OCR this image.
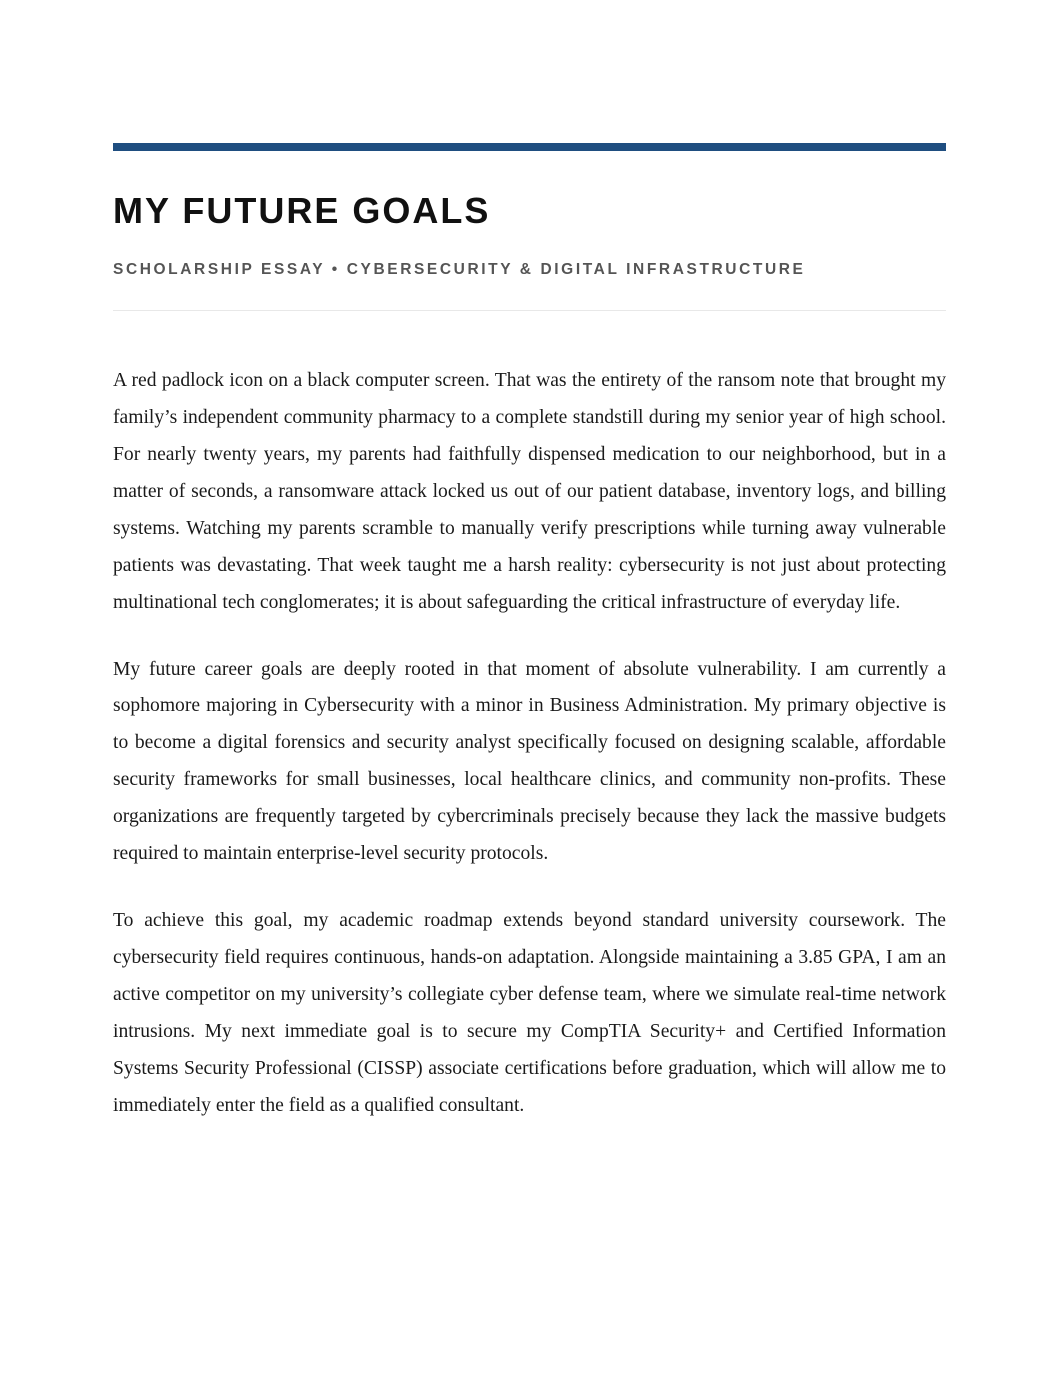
MY FUTURE GOALS
SCHOLARSHIP ESSAY • CYBERSECURITY & DIGITAL INFRASTRUCTURE

A red padlock icon on a black computer screen. That was the entirety of the ransom note that brought my family’s independent community pharmacy to a complete standstill during my senior year of high school. For nearly twenty years, my parents had faithfully dispensed medication to our neighborhood, but in a matter of seconds, a ransomware attack locked us out of our patient database, inventory logs, and billing systems. Watching my parents scramble to manually verify prescriptions while turning away vulnerable patients was devastating. That week taught me a harsh reality: cybersecurity is not just about protecting multinational tech conglomerates; it is about safeguarding the critical infrastructure of everyday life.

My future career goals are deeply rooted in that moment of absolute vulnerability. I am currently a sophomore majoring in Cybersecurity with a minor in Business Administration. My primary objective is to become a digital forensics and security analyst specifically focused on designing scalable, affordable security frameworks for small businesses, local healthcare clinics, and community non-profits. These organizations are frequently targeted by cybercriminals precisely because they lack the massive budgets required to maintain enterprise-level security protocols.

To achieve this goal, my academic roadmap extends beyond standard university coursework. The cybersecurity field requires continuous, hands-on adaptation. Alongside maintaining a 3.85 GPA, I am an active competitor on my university’s collegiate cyber defense team, where we simulate real-time network intrusions. My next immediate goal is to secure my CompTIA Security+ and Certified Information Systems Security Professional (CISSP) associate certifications before graduation, which will allow me to immediately enter the field as a qualified consultant.
